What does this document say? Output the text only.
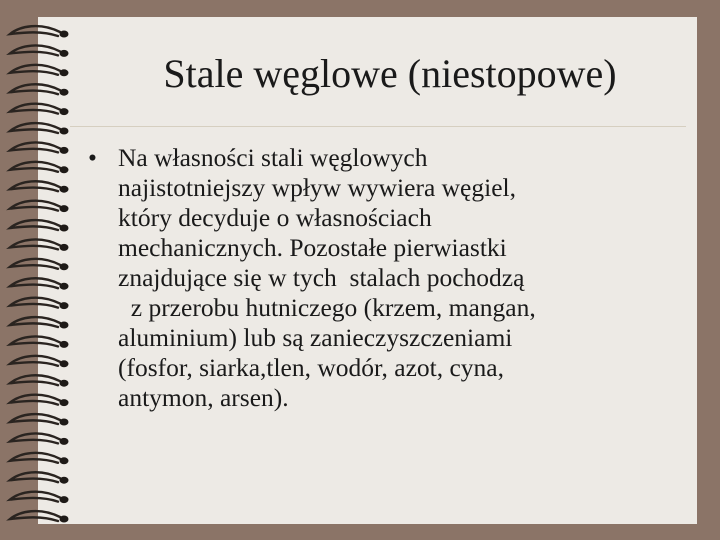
Stale węglowe (niestopowe)
• Na własności stali węglowych
najistotniejszy wpływ wywiera węgiel,
który decyduje o własnościach
mechanicznych. Pozostałe pierwiastki
znajdujące się w tych  stalach pochodzą
z przerobu hutniczego (krzem, mangan,
aluminium) lub są zanieczyszczeniami
(fosfor, siarka,tlen, wodór, azot, cyna,
antymon, arsen).
